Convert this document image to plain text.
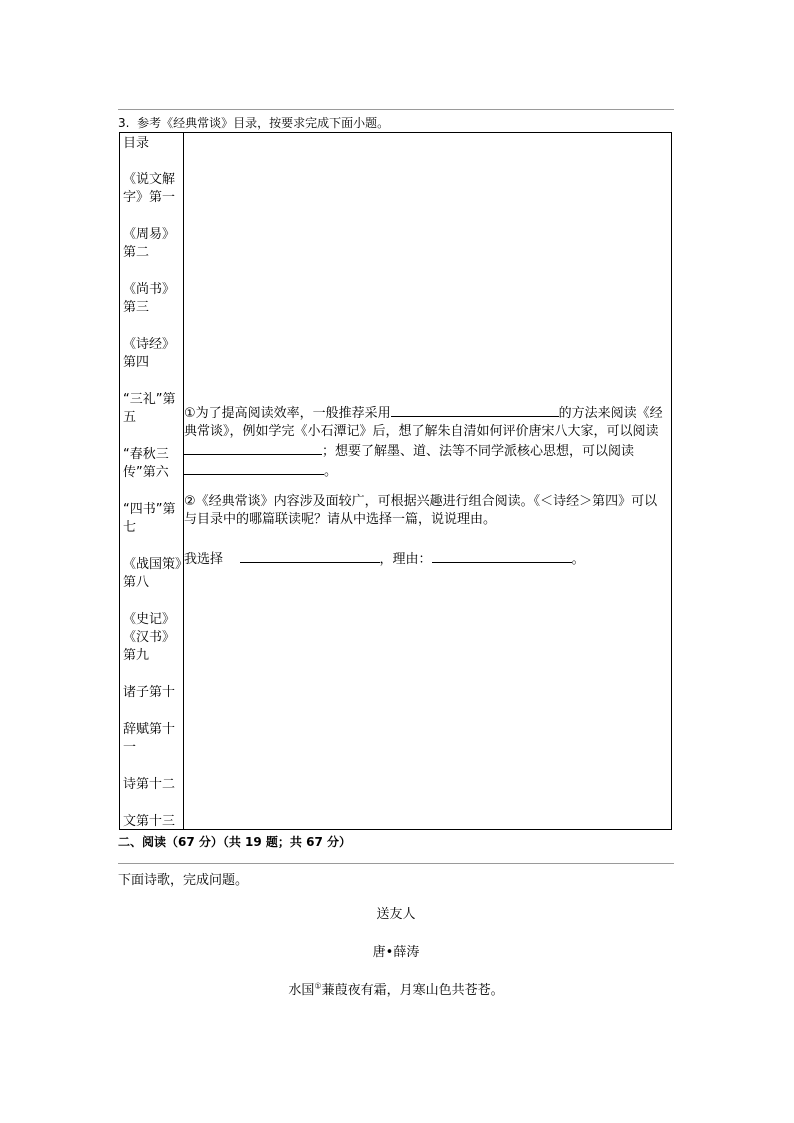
3. 参考《经典常谈》目录，按要求完成下面小题。
目录
《说文解字》第一
《周易》第二
《尚书》第三
《诗经》第四
“三礼”第五
“春秋三传”第六
“四书”第七
《战国策》第八
《史记》《汉书》第九
诸子第十
辞赋第十一
诗第十二
文第十三
①为了提高阅读效率，一般推荐采用	的方法来阅读《经典常谈》，例如学完《小石潭记》后，想了解朱自清如何评价唐宋八大家，可以阅读；想要了解墨、道、法等不同学派核心思想，可以阅读。
②《经典常谈》内容涉及面较广，可根据兴趣进行组合阅读。《＜诗经＞第四》可以与目录中的哪篇联读呢？请从中选择一篇，说说理由。
我选择	，理由：	。
二、阅读（67 分）（共 19 题；共 67 分）
下面诗歌，完成问题。
送友人
唐•薛涛
水国①蒹葭夜有霜，月寒山色共苍苍。
